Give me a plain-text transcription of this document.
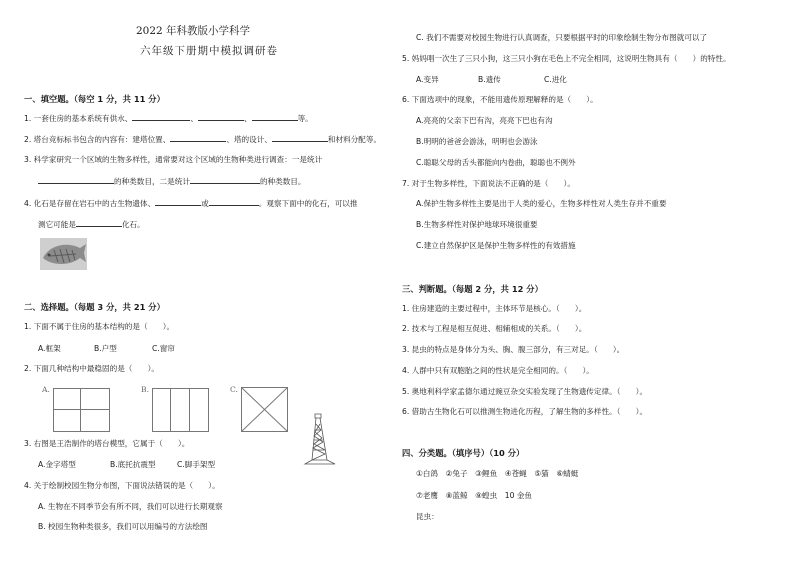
2022 年科教版小学科学
六年级下册期中模拟调研卷
一、填空题。（每空 1 分，共 11 分）
1. 一套住房的基本系统有供水、	、	、	等。
2. 塔台竞标标书包含的内容有：建塔位置、	、塔的设计、	和材料分配等。
3. 科学家研究一个区域的生物多样性，通常要对这个区域的生物种类进行调查：一是统计
的种类数目，二是统计	的种类数目。
4. 化石是存留在岩石中的古生物遗体、	或	。观察下面中的化石，可以推
测它可能是	化石。
二、选择题。（每题 3 分，共 21 分）
1. 下面不属于住房的基本结构的是（　　）。
A.框架	B.户型	C.窗帘
2. 下面几种结构中最稳固的是（　　）。
A.	B.	C.
3. 右图是王浩制作的塔台模型，它属于（　　）。
A.金字塔型	B.底托抗震型	C.脚手架型
4. 关于绘制校园生物分布图，下面说法错误的是（　　）。
A. 生物在不同季节会有所不同，我们可以进行长期观察
B. 校园生物种类很多，我们可以用编号的方法绘图
C. 我们不需要对校园生物进行认真调查，只要根据平时的印象绘制生物分布图就可以了
5. 妈妈唱一次生了三只小狗，这三只小狗在毛色上不完全相同，这说明生物具有（　　）的特性。
A.变异	B.遗传	C.进化
6. 下面选项中的现象，不能用遗传原理解释的是（　　）。
A.亮亮的父亲下巴有沟，亮亮下巴也有沟
B.明明的爸爸会游泳，明明也会游泳
C.聪聪父母的舌头都能向内卷曲，聪聪也不例外
7. 对于生物多样性，下面说法不正确的是（　　）。
A.保护生物多样性主要是出于人类的爱心，生物多样性对人类生存并不重要
B.生物多样性对保护地球环境很重要
C.建立自然保护区是保护生物多样性的有效措施
三、判断题。（每题 2 分，共 12 分）
1. 住房建造的主要过程中，主体环节是核心。（　　）。
2. 技术与工程是相互促进、相辅相成的关系。（　　）。
3. 昆虫的特点是身体分为头、胸、腹三部分，有三对足。（　　）。
4. 人群中只有双胞胎之间的性状是完全相同的。（　　）。
5. 奥地利科学家孟德尔通过豌豆杂交实验发现了生物遗传定律。（　　）。
6. 借助古生物化石可以推测生物进化历程，了解生物的多样性。（　　）。
四、分类题。（填序号）（10 分）
①白鸽　②兔子　③鲤鱼　④苍蝇　⑤猫　⑥蜻蜓
⑦老鹰　⑧蓝鲸　⑨蝗虫　10 金鱼
昆虫：
